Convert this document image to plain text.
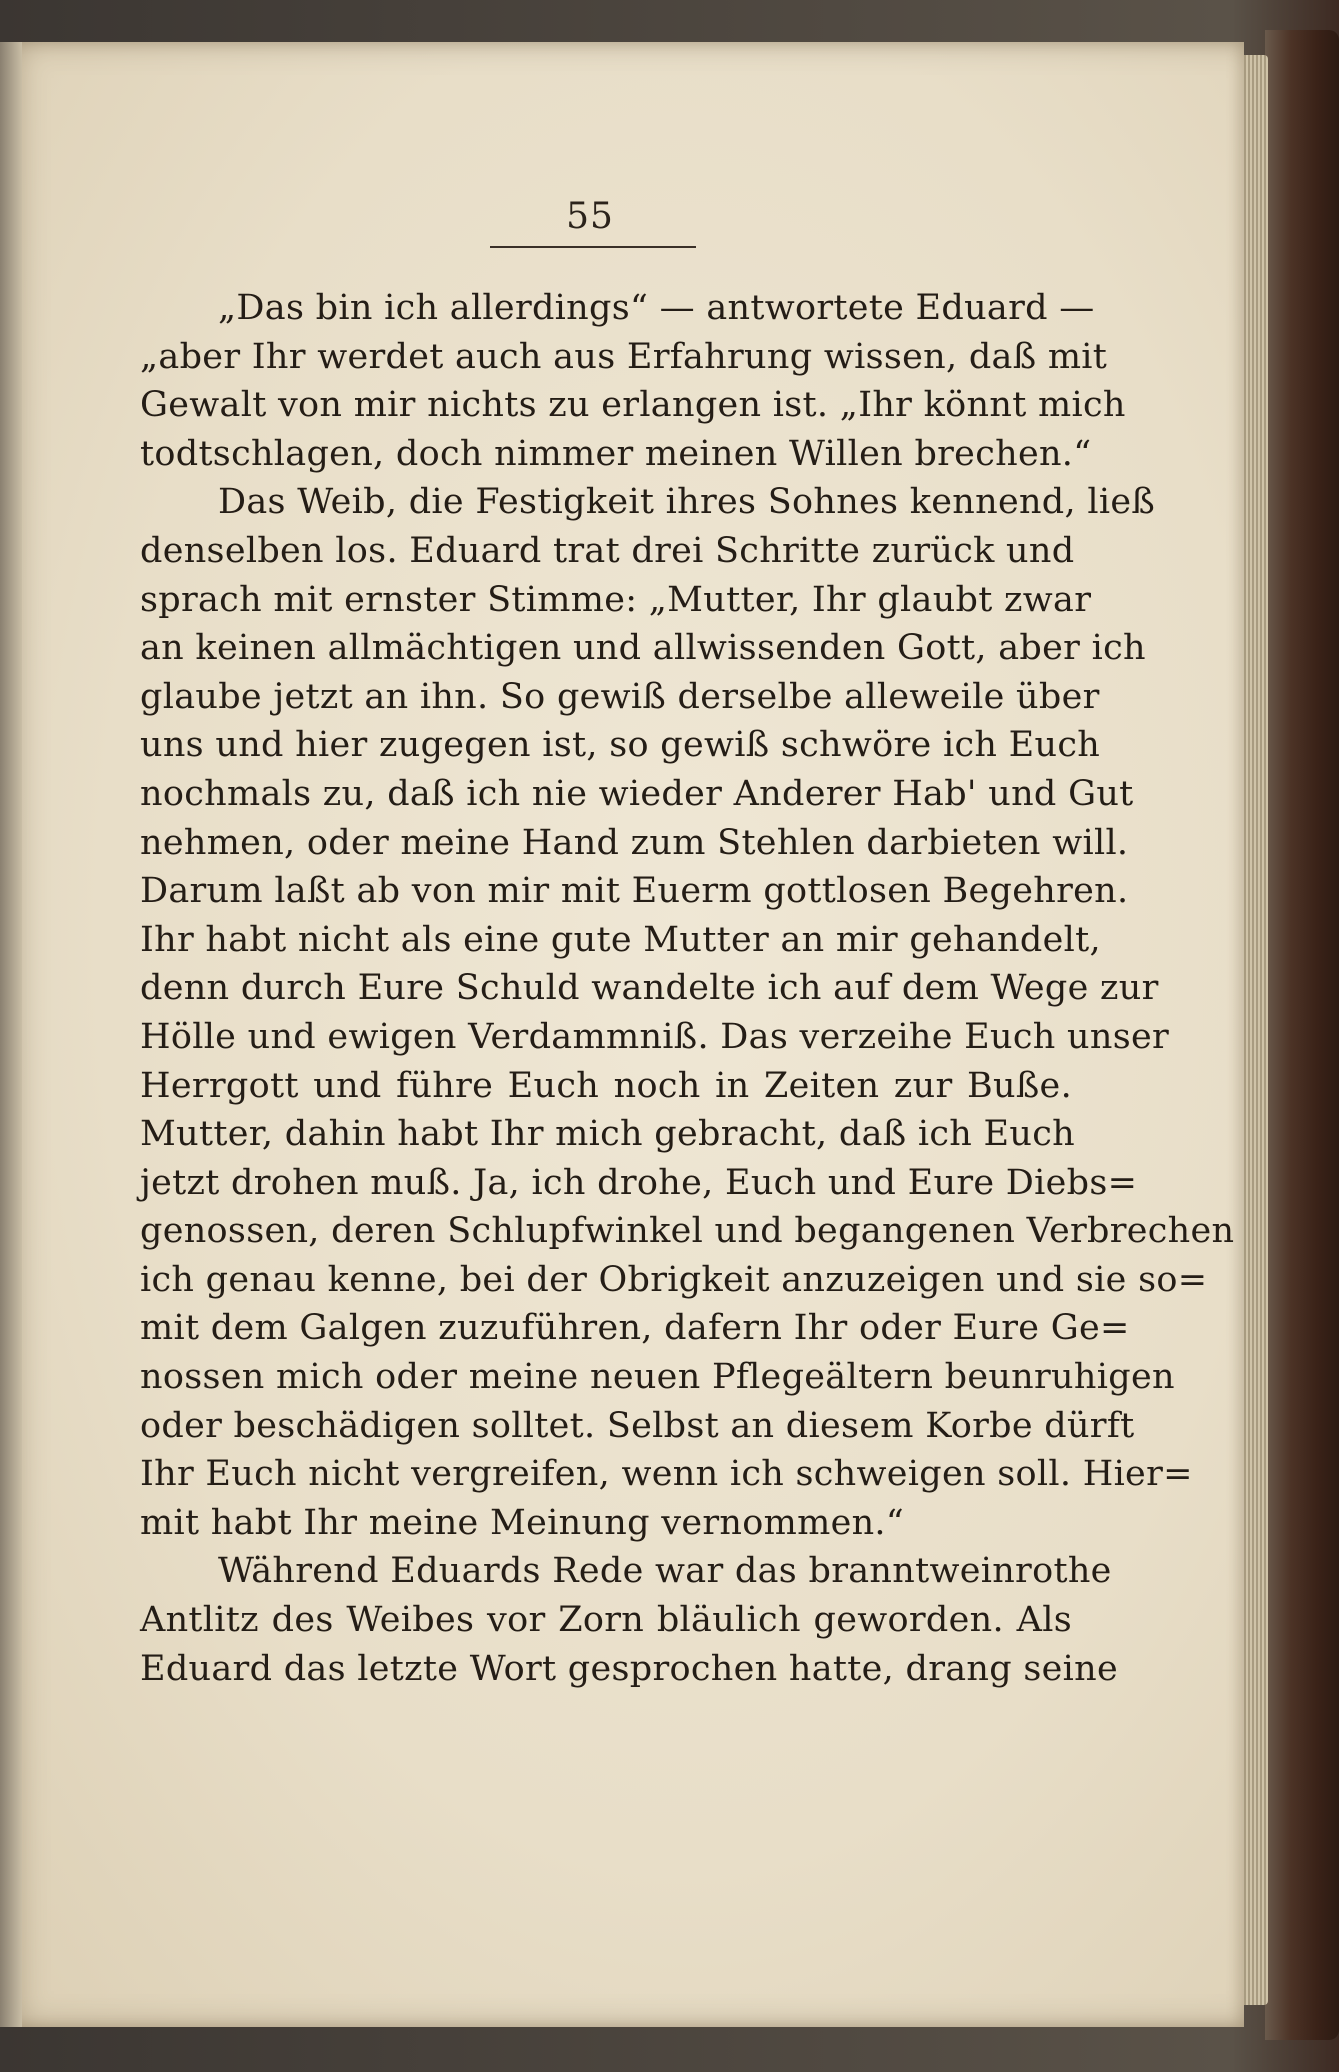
55
„Das bin ich allerdings“ — antwortete Eduard —
„aber Ihr werdet auch aus Erfahrung wissen, daß mit
Gewalt von mir nichts zu erlangen ist. „Ihr könnt mich
todtschlagen, doch nimmer meinen Willen brechen.“
Das Weib, die Festigkeit ihres Sohnes kennend, ließ
denselben los. Eduard trat drei Schritte zurück und
sprach mit ernster Stimme: „Mutter, Ihr glaubt zwar
an keinen allmächtigen und allwissenden Gott, aber ich
glaube jetzt an ihn. So gewiß derselbe alleweile über
uns und hier zugegen ist, so gewiß schwöre ich Euch
nochmals zu, daß ich nie wieder Anderer Hab' und Gut
nehmen, oder meine Hand zum Stehlen darbieten will.
Darum laßt ab von mir mit Euerm gottlosen Begehren.
Ihr habt nicht als eine gute Mutter an mir gehandelt,
denn durch Eure Schuld wandelte ich auf dem Wege zur
Hölle und ewigen Verdammniß. Das verzeihe Euch unser
Herrgott und führe Euch noch in Zeiten zur Buße.
Mutter, dahin habt Ihr mich gebracht, daß ich Euch
jetzt drohen muß. Ja, ich drohe, Euch und Eure Diebs=
genossen, deren Schlupfwinkel und begangenen Verbrechen
ich genau kenne, bei der Obrigkeit anzuzeigen und sie so=
mit dem Galgen zuzuführen, dafern Ihr oder Eure Ge=
nossen mich oder meine neuen Pflegeältern beunruhigen
oder beschädigen solltet. Selbst an diesem Korbe dürft
Ihr Euch nicht vergreifen, wenn ich schweigen soll. Hier=
mit habt Ihr meine Meinung vernommen.“
Während Eduards Rede war das branntweinrothe
Antlitz des Weibes vor Zorn bläulich geworden. Als
Eduard das letzte Wort gesprochen hatte, drang seine
